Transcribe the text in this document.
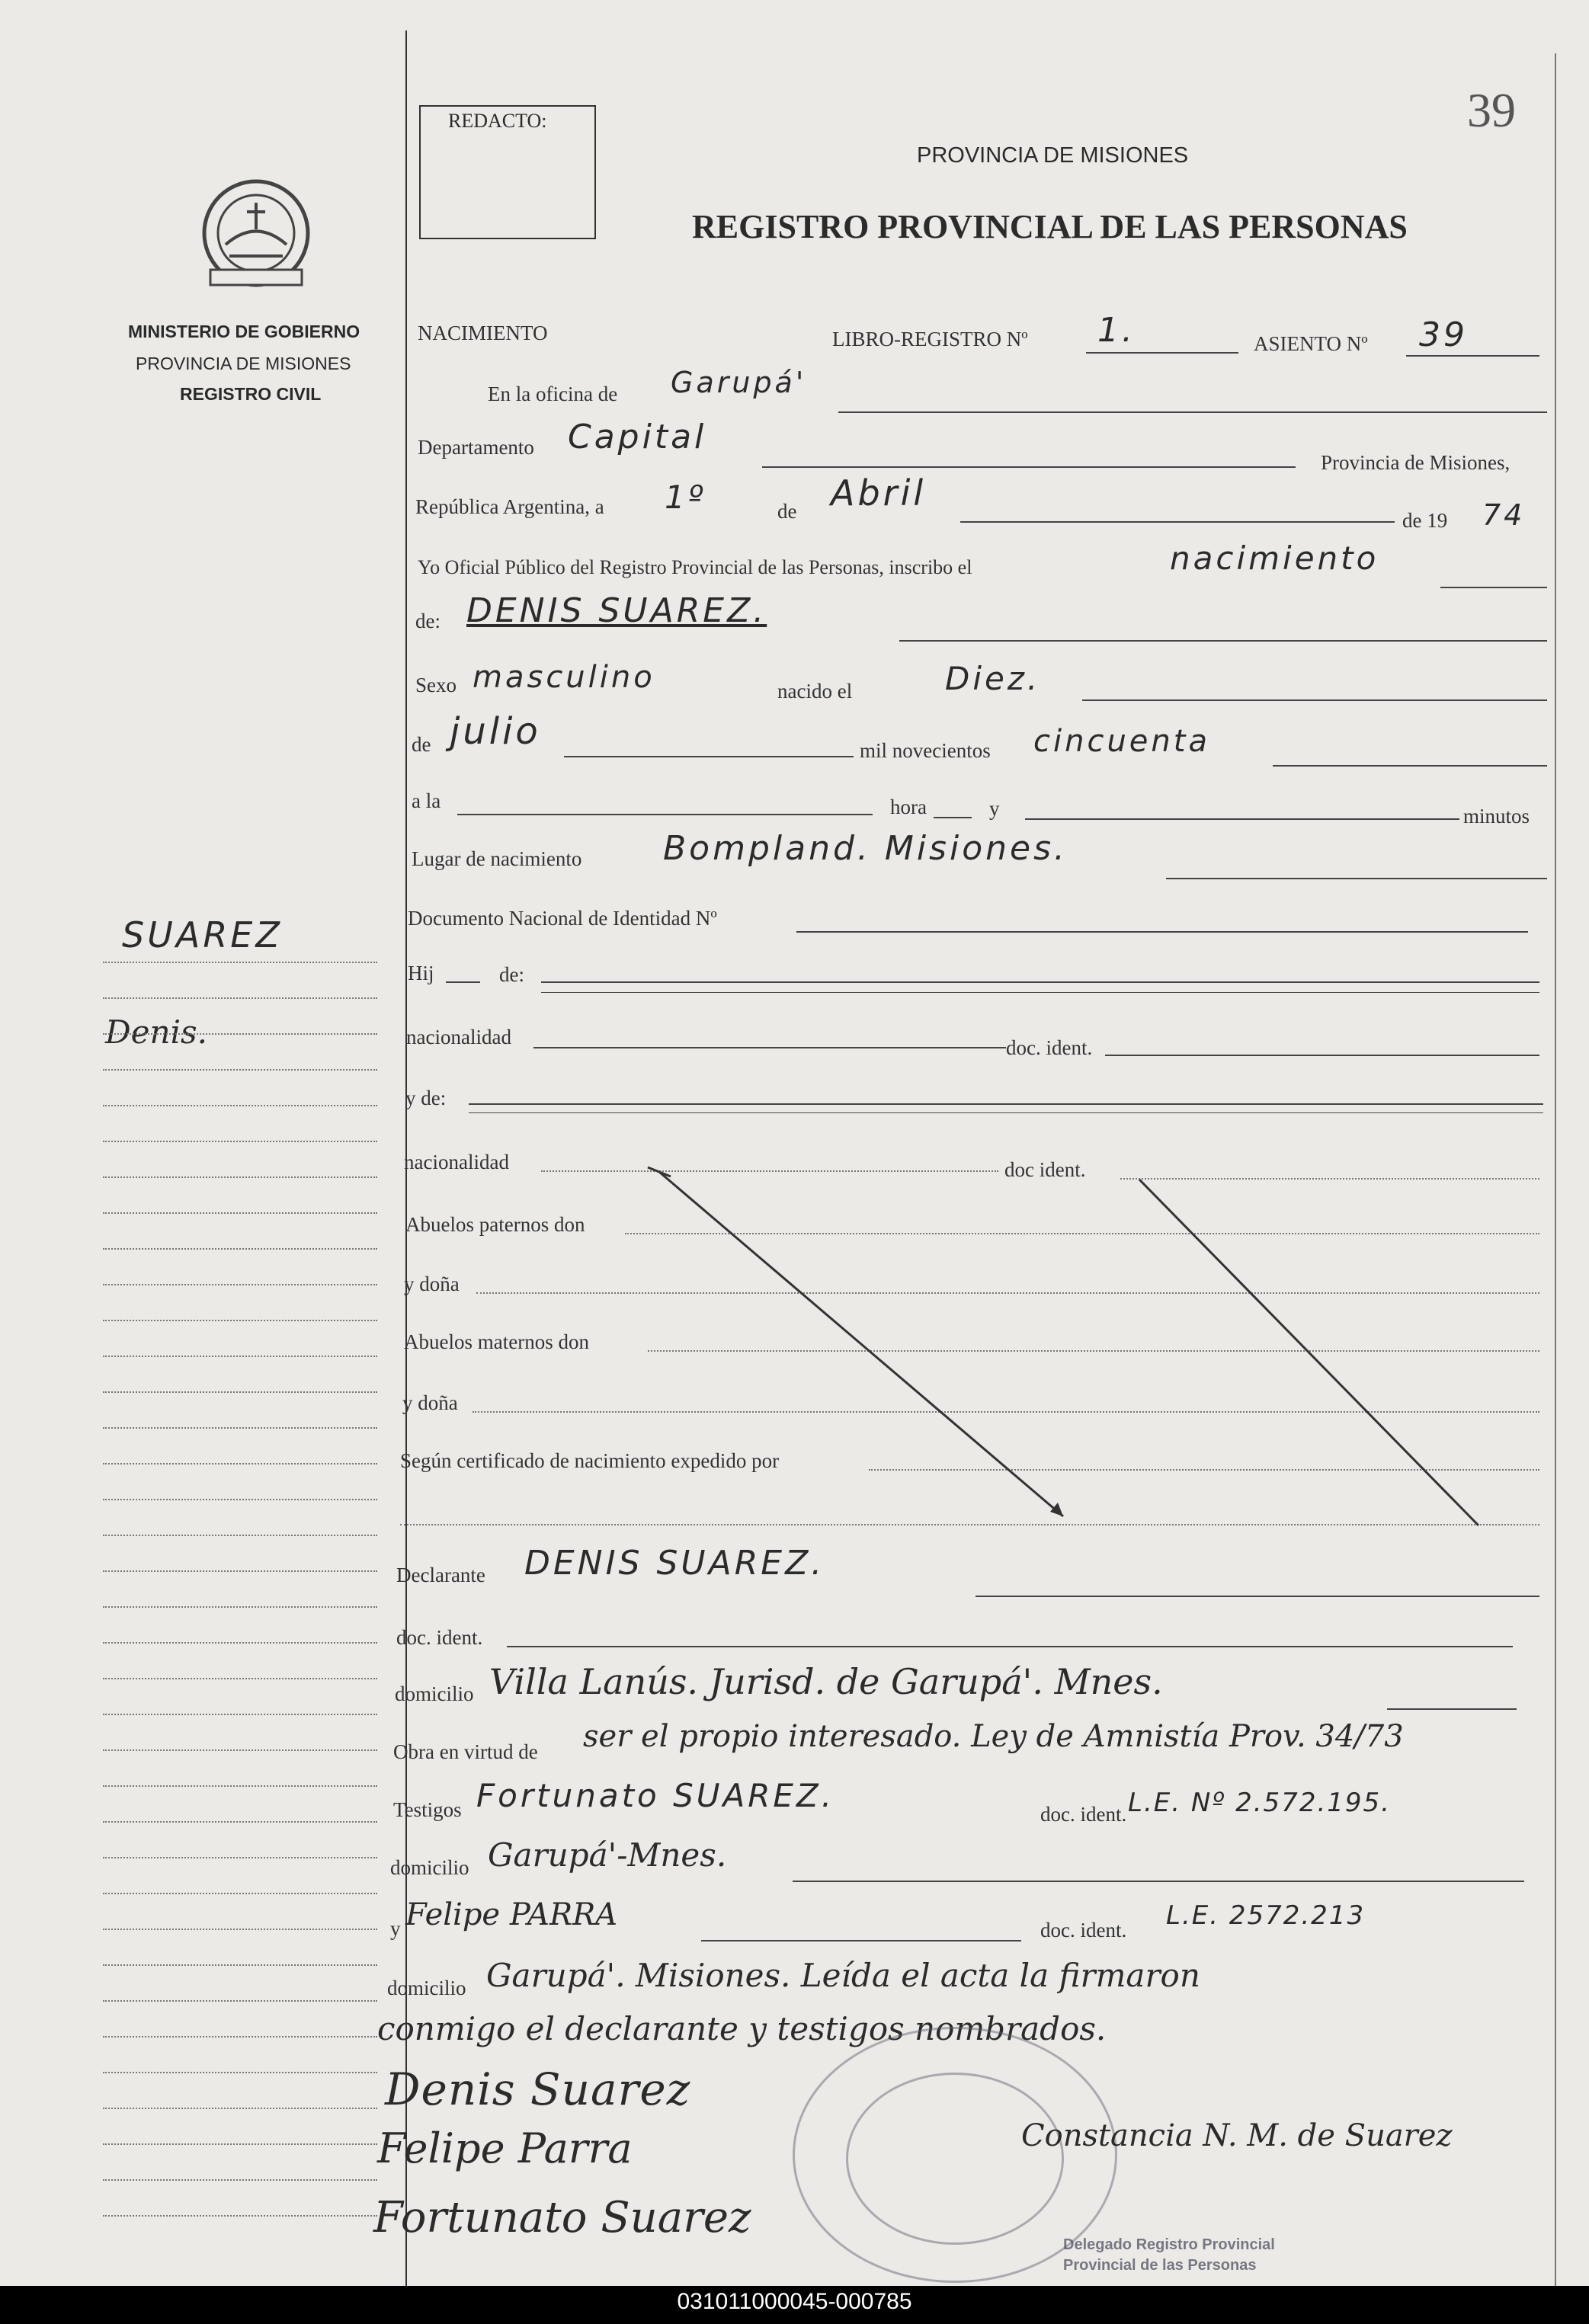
39
REDACTO:
PROVINCIA DE MISIONES
REGISTRO PROVINCIAL DE LAS PERSONAS
MINISTERIO DE GOBIERNO
PROVINCIA DE MISIONES
REGISTRO CIVIL
SUAREZ
Denis.
NACIMIENTO	LIBRO-REGISTRO Nº 1.	ASIENTO Nº 39
En la oficina de Garupá'
Departamento Capital
Provincia de Misiones,
República Argentina, a 1º	de Abril
de 19 74
Yo Oficial Público del Registro Provincial de las Personas, inscribo el	nacimiento
de: DENIS SUAREZ.
Sexo masculino	nacido el	Diez.
de julio	mil novecientos cincuenta
a la	hora	y	minutos
Lugar de nacimiento Bompland. Misiones.
Documento Nacional de Identidad Nº
Hij	de:
nacionalidad	doc. ident.
y de:
nacionalidad	doc ident.
Abuelos paternos don
y doña
Abuelos maternos don
y doña
Según certificado de nacimiento expedido por
Declarante DENIS SUAREZ.
doc. ident.
domicilio Villa Lanús. Jurisd. de Garupá'. Mnes.
Obra en virtud de ser el propio interesado. Ley de Amnistía Prov. 34/73
Testigos Fortunato SUAREZ.	doc. ident. L.E. Nº 2.572.195.
domicilio Garupá'-Mnes.
y Felipe PARRA	doc. ident. L.E. 2572.213
domicilio Garupá'. Misiones. Leída el acta la firmaron
conmigo el declarante y testigos nombrados.
Delegado Registro Provincial
Provincial de las Personas
Denis Suarez
Felipe Parra
Fortunato Suarez
Constancia N. M. de Suarez
031011000045-000785
